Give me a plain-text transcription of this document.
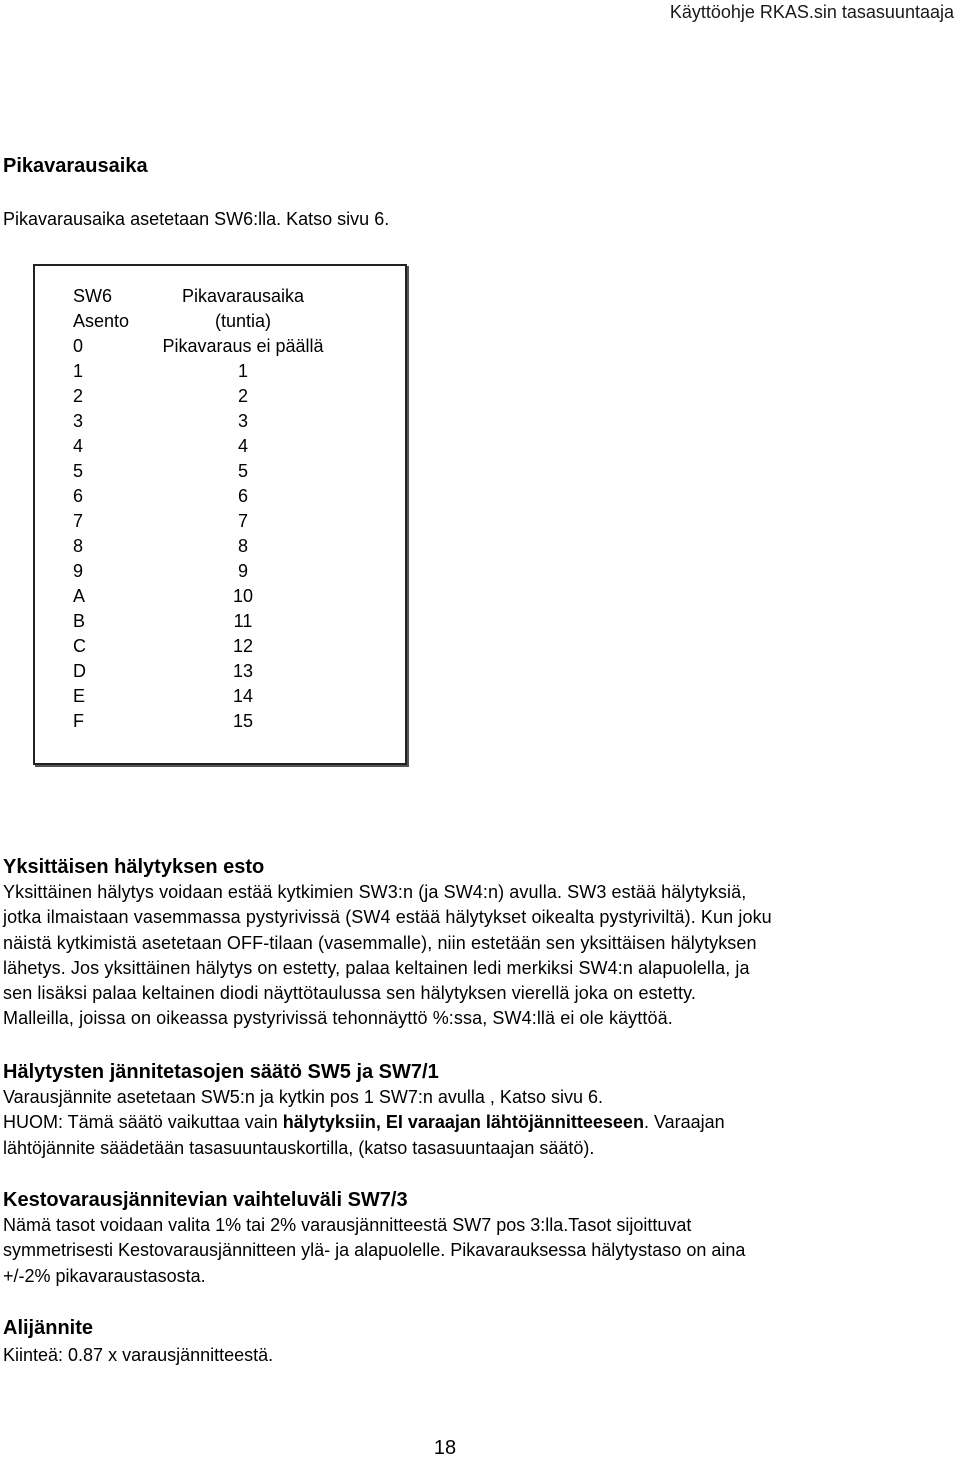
Käyttöohje RKAS.sin tasasuuntaaja
Pikavarausaika
Pikavarausaika asetetaan SW6:lla. Katso sivu 6.
SW6	Pikavarausaika
Asento	(tuntia)
0	Pikavaraus ei päällä
1	1
2	2
3	3
4	4
5	5
6	6
7	7
8	8
9	9
A	10
B	11
C	12
D	13
E	14
F	15
Yksittäisen hälytyksen esto
Yksittäinen hälytys voidaan estää kytkimien SW3:n (ja SW4:n) avulla. SW3 estää hälytyksiä,
jotka ilmaistaan vasemmassa pystyrivissä (SW4 estää hälytykset oikealta pystyriviltä). Kun joku
näistä kytkimistä asetetaan OFF-tilaan (vasemmalle), niin estetään sen yksittäisen hälytyksen
lähetys. Jos yksittäinen hälytys on estetty, palaa keltainen ledi merkiksi SW4:n alapuolella, ja
sen lisäksi palaa keltainen diodi näyttötaulussa sen hälytyksen vierellä joka on estetty.
Malleilla, joissa on oikeassa pystyrivissä tehonnäyttö %:ssa, SW4:llä ei ole käyttöä.
Hälytysten jännitetasojen säätö SW5 ja SW7/1
Varausjännite asetetaan SW5:n ja kytkin pos 1 SW7:n avulla , Katso sivu 6.
HUOM: Tämä säätö vaikuttaa vain hälytyksiin, EI varaajan lähtöjännitteeseen. Varaajan
lähtöjännite säädetään tasasuuntauskortilla, (katso tasasuuntaajan säätö).
Kestovarausjännitevian vaihteluväli SW7/3
Nämä tasot voidaan valita 1% tai 2% varausjännitteestä SW7 pos 3:lla.Tasot sijoittuvat
symmetrisesti Kestovarausjännitteen ylä- ja alapuolelle. Pikavarauksessa hälytystaso on aina
+/-2% pikavaraustasosta.
Alijännite
Kiinteä: 0.87 x varausjännitteestä.
18
